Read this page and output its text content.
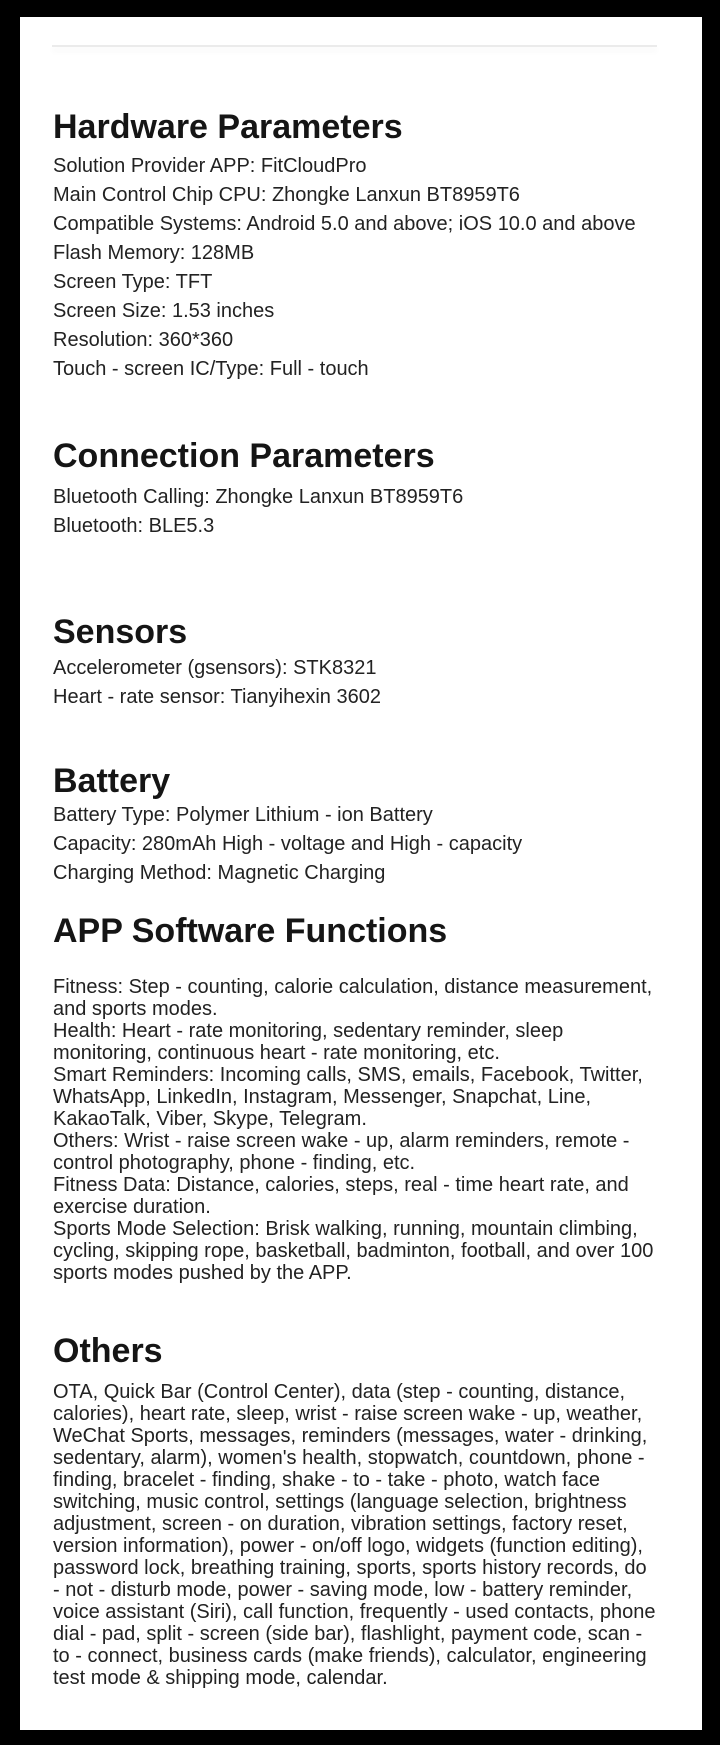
Hardware Parameters
Solution Provider APP: FitCloudPro
Main Control Chip CPU: Zhongke Lanxun BT8959T6
Compatible Systems: Android 5.0 and above; iOS 10.0 and above
Flash Memory: 128MB
Screen Type: TFT
Screen Size: 1.53 inches
Resolution: 360*360
Touch - screen IC/Type: Full - touch
Connection Parameters
Bluetooth Calling: Zhongke Lanxun BT8959T6
Bluetooth: BLE5.3
Sensors
Accelerometer (gsensors): STK8321
Heart - rate sensor: Tianyihexin 3602
Battery
Battery Type: Polymer Lithium - ion Battery
Capacity: 280mAh High - voltage and High - capacity
Charging Method: Magnetic Charging
APP Software Functions

Fitness: Step - counting, calorie calculation, distance measurement, and sports modes.

Health: Heart - rate monitoring, sedentary reminder, sleep monitoring, continuous heart - rate monitoring, etc.

Smart Reminders: Incoming calls, SMS, emails, Facebook, Twitter, WhatsApp, LinkedIn, Instagram, Messenger, Snapchat, Line, KakaoTalk, Viber, Skype, Telegram.

Others: Wrist - raise screen wake - up, alarm reminders, remote - control photography, phone - finding, etc.

Fitness Data: Distance, calories, steps, real - time heart rate, and exercise duration.

Sports Mode Selection: Brisk walking, running, mountain climbing, cycling, skipping rope, basketball, badminton, football, and over 100 sports modes pushed by the APP.

Others

OTA, Quick Bar (Control Center), data (step - counting, distance, calories), heart rate, sleep, wrist - raise screen wake - up, weather, WeChat Sports, messages, reminders (messages, water - drinking, sedentary, alarm), women's health, stopwatch, countdown, phone - finding, bracelet - finding, shake - to - take - photo, watch face switching, music control, settings (language selection, brightness adjustment, screen - on duration, vibration settings, factory reset, version information), power - on/off logo, widgets (function editing), password lock, breathing training, sports, sports history records, do - not - disturb mode, power - saving mode, low - battery reminder, voice assistant (Siri), call function, frequently - used contacts, phone dial - pad, split - screen (side bar), flashlight, payment code, scan - to - connect, business cards (make friends), calculator, engineering test mode & shipping mode, calendar.
